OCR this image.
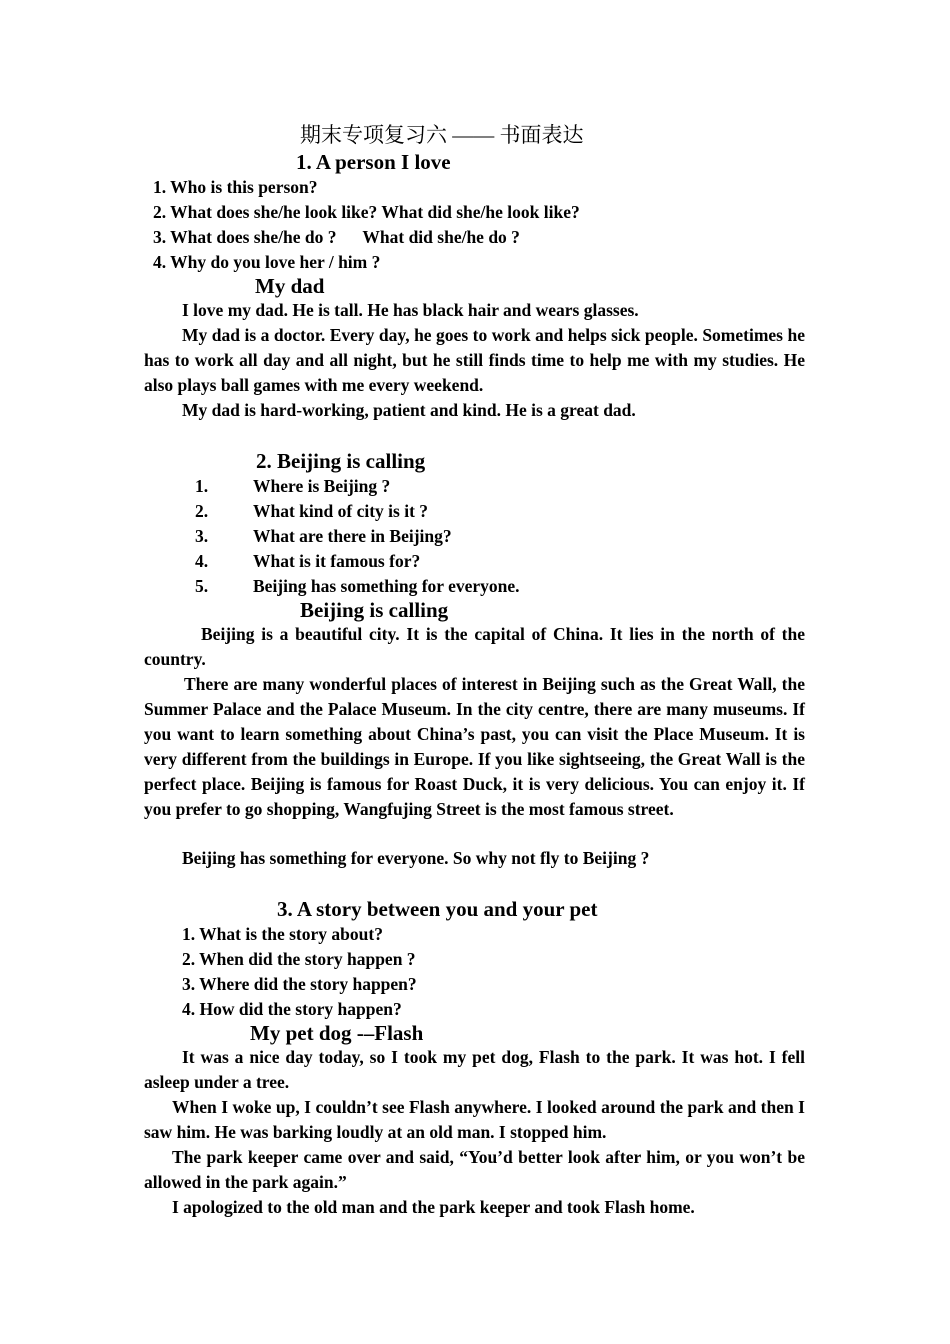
期末专项复习六 —— 书面表达
1. A person I love
1. Who is this person?
2. What does she/he look like? What did she/he look like?
3. What does she/he do ?      What did she/he do ?
4. Why do you love her / him ?
My dad
I love my dad. He is tall. He has black hair and wears glasses.
My dad is a doctor. Every day, he goes to work and helps sick people. Sometimes he has to work all day and all night, but he still finds time to help me with my studies. He also plays ball games with me every weekend.
My dad is hard-working, patient and kind. He is a great dad.
2. Beijing is calling
1.	Where is Beijing ?
2.	What kind of city is it ?
3.	What are there in Beijing?
4.	What is it famous for?
5.	Beijing has something for everyone.
Beijing is calling
Beijing is a beautiful city. It is the capital of China. It lies in the north of the country.
There are many wonderful places of interest in Beijing such as the Great Wall, the Summer Palace and the Palace Museum. In the city centre, there are many museums. If you want to learn something about China’s past, you can visit the Place Museum. It is very different from the buildings in Europe. If you like sightseeing, the Great Wall is the perfect place. Beijing is famous for Roast Duck, it is very delicious. You can enjoy it. If you prefer to go shopping, Wangfujing Street is the most famous street.
Beijing has something for everyone. So why not fly to Beijing ?
3. A story between you and your pet
1. What is the story about?
2. When did the story happen ?
3. Where did the story happen?
4. How did the story happen?
My pet dog -–Flash
It was a nice day today, so I took my pet dog, Flash to the park. It was hot. I fell asleep under a tree.
When I woke up, I couldn’t see Flash anywhere. I looked around the park and then I saw him. He was barking loudly at an old man. I stopped him.
The park keeper came over and said, “You’d better look after him, or you won’t be allowed in the park again.”
I apologized to the old man and the park keeper and took Flash home.
